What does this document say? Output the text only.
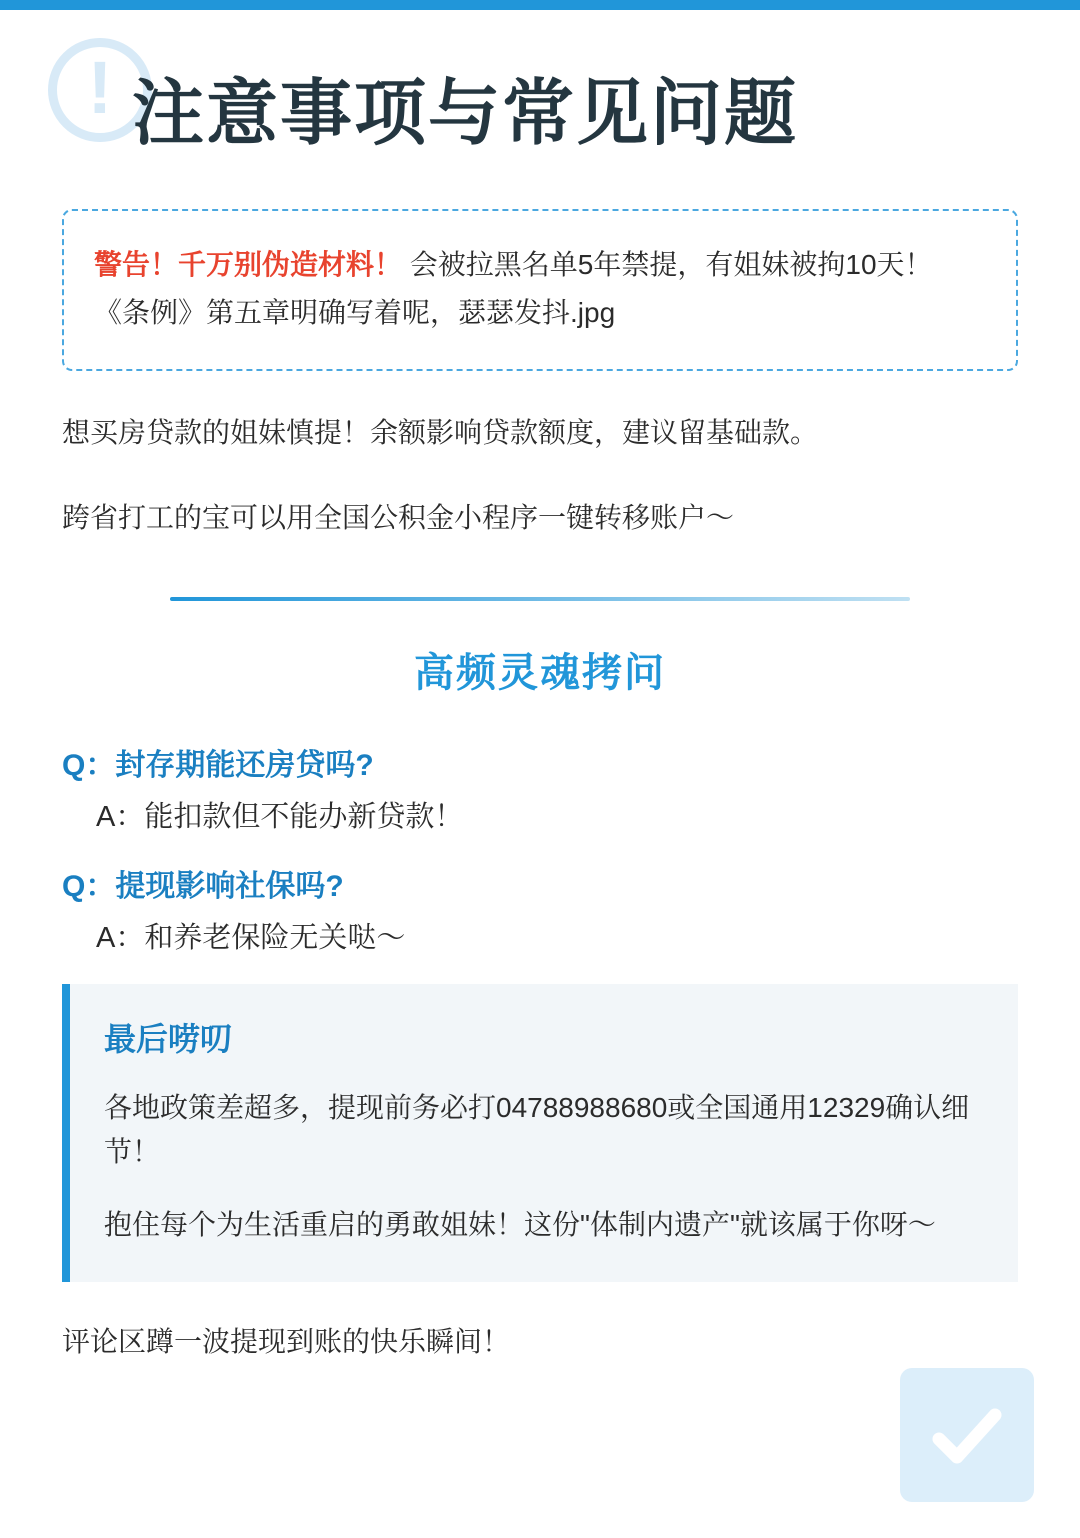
! 注意事项与常见问题

警告！千万别伪造材料！ 会被拉黑名单5年禁提，有姐妹被拘10天！《条例》第五章明确写着呢，瑟瑟发抖.jpg

想买房贷款的姐妹慎提！余额影响贷款额度，建议留基础款。

跨省打工的宝可以用全国公积金小程序一键转移账户～

高频灵魂拷问

Q：封存期能还房贷吗?

A：能扣款但不能办新贷款！

Q：提现影响社保吗?

A：和养老保险无关哒～

最后唠叨

各地政策差超多，提现前务必打04788988680或全国通用12329确认细节！

抱住每个为生活重启的勇敢姐妹！这份"体制内遗产"就该属于你呀～

评论区蹲一波提现到账的快乐瞬间！
